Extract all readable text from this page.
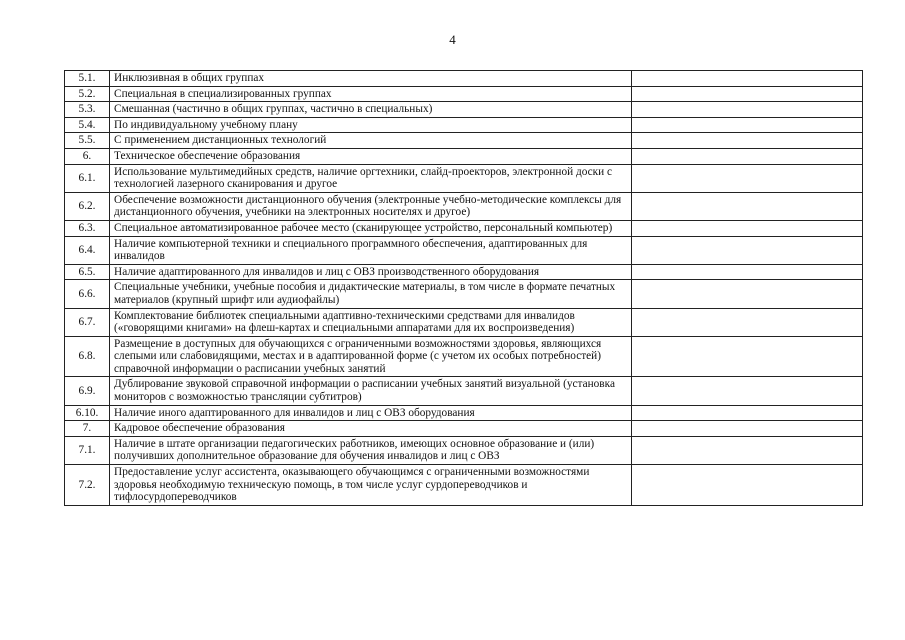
4
5.1.	Инклюзивная в общих группах	
5.2.	Специальная в специализированных группах	
5.3.	Смешанная (частично в общих группах, частично в специальных)	
5.4.	По индивидуальному учебному плану	
5.5.	С применением дистанционных технологий	
6.	Техническое обеспечение образования	
6.1.	Использование мультимедийных средств, наличие оргтехники, слайд-проекторов, электронной доски с технологией лазерного сканирования и другое	
6.2.	Обеспечение возможности дистанционного обучения (электронные учебно-методические комплексы для дистанционного обучения, учебники на электронных носителях и другое)	
6.3.	Специальное автоматизированное рабочее место (сканирующее устройство, персональный компьютер)	
6.4.	Наличие компьютерной техники и специального программного обеспечения, адаптированных для инвалидов	
6.5.	Наличие адаптированного для инвалидов и лиц с ОВЗ производственного оборудования	
6.6.	Специальные учебники, учебные пособия и дидактические материалы, в том числе в формате печатных материалов (крупный шрифт или аудиофайлы)	
6.7.	Комплектование библиотек специальными адаптивно-техническими средствами для инвалидов («говорящими книгами» на флеш-картах и специальными аппаратами для их воспроизведения)	
6.8.	Размещение в доступных для обучающихся с ограниченными возможностями здоровья, являющихся слепыми или слабовидящими, местах и в адаптированной форме (с учетом их особых потребностей) справочной информации о расписании учебных занятий	
6.9.	Дублирование звуковой справочной информации о расписании учебных занятий визуальной (установка мониторов с возможностью трансляции субтитров)	
6.10.	Наличие иного адаптированного для инвалидов и лиц с ОВЗ оборудования	
7.	Кадровое обеспечение образования	
7.1.	Наличие в штате организации педагогических работников, имеющих основное образование и (или) получивших дополнительное образование для обучения инвалидов и лиц с ОВЗ	
7.2.	Предоставление услуг ассистента, оказывающего обучающимся с ограниченными возможностями здоровья необходимую техническую помощь, в том числе услуг сурдопереводчиков и тифлосурдопереводчиков	
